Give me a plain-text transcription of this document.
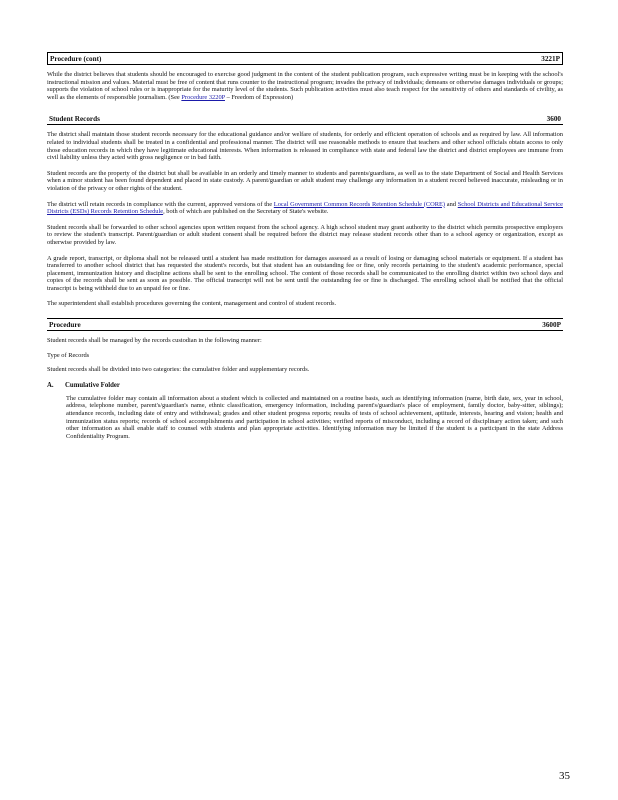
Procedure (cont)	3221P

While the district believes that students should be encouraged to exercise good judgment in the content of the student publication program, such expressive writing must be in keeping with the school's instructional mission and values. Material must be free of content that runs counter to the instructional program; invades the privacy of individuals; demeans or otherwise damages individuals or groups; supports the violation of school rules or is inappropriate for the maturity level of the students. Such publication activities must also teach respect for the sensitivity of others and standards of civility, as well as the elements of responsible journalism. (See Procedure 3220P – Freedom of Expression)

Student Records	3600

The district shall maintain those student records necessary for the educational guidance and/or welfare of students, for orderly and efficient operation of schools and as required by law. All information related to individual students shall be treated in a confidential and professional manner. The district will use reasonable methods to ensure that teachers and other school officials obtain access to only those education records in which they have legitimate educational interests. When information is released in compliance with state and federal law the district and district employees are immune from civil liability unless they acted with gross negligence or in bad faith.

Student records are the property of the district but shall be available in an orderly and timely manner to students and parents/guardians, as well as to the state Department of Social and Health Services when a minor student has been found dependent and placed in state custody. A parent/guardian or adult student may challenge any information in a student record believed inaccurate, misleading or in violation of the privacy or other rights of the student.

The district will retain records in compliance with the current, approved versions of the Local Government Common Records Retention Schedule (CORE) and School Districts and Educational Service Districts (ESDs) Records Retention Schedule, both of which are published on the Secretary of State's website.

Student records shall be forwarded to other school agencies upon written request from the school agency. A high school student may grant authority to the district which permits prospective employers to review the student's transcript. Parent/guardian or adult student consent shall be required before the district may release student records other than to a school agency or organization, except as otherwise provided by law.

A grade report, transcript, or diploma shall not be released until a student has made restitution for damages assessed as a result of losing or damaging school materials or equipment. If a student has transferred to another school district that has requested the student's records, but that student has an outstanding fee or fine, only records pertaining to the student's academic performance, special placement, immunization history and discipline actions shall be sent to the enrolling school. The content of those records shall be communicated to the enrolling district within two school days and copies of the records shall be sent as soon as possible. The official transcript will not be sent until the outstanding fee or fine is discharged. The enrolling school shall be notified that the official transcript is being withheld due to an unpaid fee or fine.

The superintendent shall establish procedures governing the content, management and control of student records.

Procedure	3600P

Student records shall be managed by the records custodian in the following manner:

Type of Records

Student records shall be divided into two categories: the cumulative folder and supplementary records.

A. Cumulative Folder

The cumulative folder may contain all information about a student which is collected and maintained on a routine basis, such as identifying information (name, birth date, sex, year in school, address, telephone number, parent's/guardian's name, ethnic classification, emergency information, including parent's/guardian's place of employment, family doctor, baby-sitter, siblings); attendance records, including date of entry and withdrawal; grades and other student progress reports; results of tests of school achievement, aptitude, interests, hearing and vision; health and immunization status reports; records of school accomplishments and participation in school activities; verified reports of misconduct, including a record of disciplinary action taken; and such other information as shall enable staff to counsel with students and plan appropriate activities. Identifying information may be limited if the student is a participant in the state Address Confidentiality Program.

35
